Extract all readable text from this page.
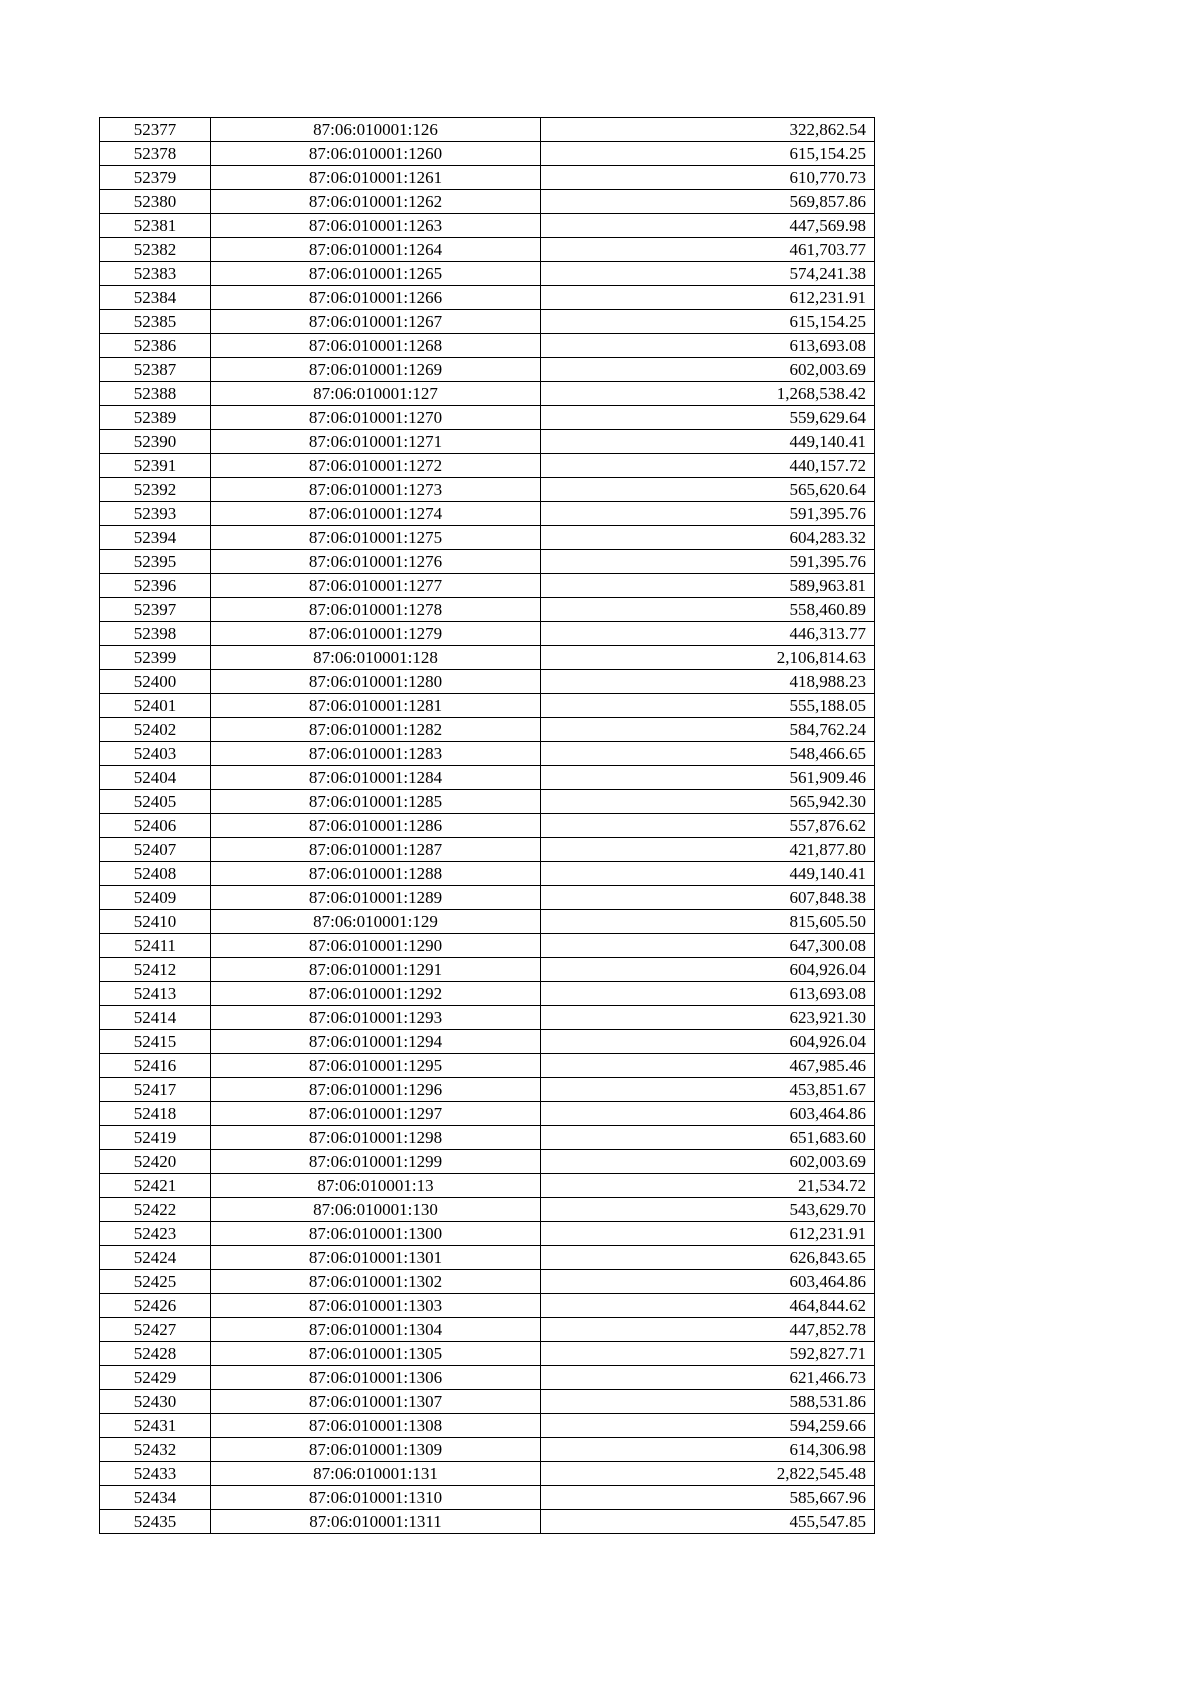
52377	87:06:010001:126	322,862.54
52378	87:06:010001:1260	615,154.25
52379	87:06:010001:1261	610,770.73
52380	87:06:010001:1262	569,857.86
52381	87:06:010001:1263	447,569.98
52382	87:06:010001:1264	461,703.77
52383	87:06:010001:1265	574,241.38
52384	87:06:010001:1266	612,231.91
52385	87:06:010001:1267	615,154.25
52386	87:06:010001:1268	613,693.08
52387	87:06:010001:1269	602,003.69
52388	87:06:010001:127	1,268,538.42
52389	87:06:010001:1270	559,629.64
52390	87:06:010001:1271	449,140.41
52391	87:06:010001:1272	440,157.72
52392	87:06:010001:1273	565,620.64
52393	87:06:010001:1274	591,395.76
52394	87:06:010001:1275	604,283.32
52395	87:06:010001:1276	591,395.76
52396	87:06:010001:1277	589,963.81
52397	87:06:010001:1278	558,460.89
52398	87:06:010001:1279	446,313.77
52399	87:06:010001:128	2,106,814.63
52400	87:06:010001:1280	418,988.23
52401	87:06:010001:1281	555,188.05
52402	87:06:010001:1282	584,762.24
52403	87:06:010001:1283	548,466.65
52404	87:06:010001:1284	561,909.46
52405	87:06:010001:1285	565,942.30
52406	87:06:010001:1286	557,876.62
52407	87:06:010001:1287	421,877.80
52408	87:06:010001:1288	449,140.41
52409	87:06:010001:1289	607,848.38
52410	87:06:010001:129	815,605.50
52411	87:06:010001:1290	647,300.08
52412	87:06:010001:1291	604,926.04
52413	87:06:010001:1292	613,693.08
52414	87:06:010001:1293	623,921.30
52415	87:06:010001:1294	604,926.04
52416	87:06:010001:1295	467,985.46
52417	87:06:010001:1296	453,851.67
52418	87:06:010001:1297	603,464.86
52419	87:06:010001:1298	651,683.60
52420	87:06:010001:1299	602,003.69
52421	87:06:010001:13	21,534.72
52422	87:06:010001:130	543,629.70
52423	87:06:010001:1300	612,231.91
52424	87:06:010001:1301	626,843.65
52425	87:06:010001:1302	603,464.86
52426	87:06:010001:1303	464,844.62
52427	87:06:010001:1304	447,852.78
52428	87:06:010001:1305	592,827.71
52429	87:06:010001:1306	621,466.73
52430	87:06:010001:1307	588,531.86
52431	87:06:010001:1308	594,259.66
52432	87:06:010001:1309	614,306.98
52433	87:06:010001:131	2,822,545.48
52434	87:06:010001:1310	585,667.96
52435	87:06:010001:1311	455,547.85
